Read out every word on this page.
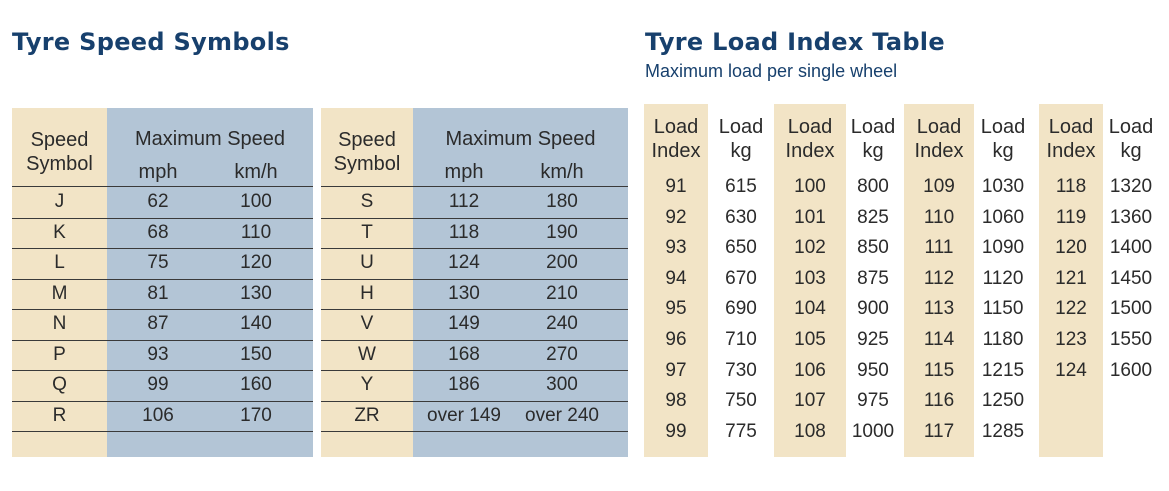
Tyre Speed Symbols	Tyre Load Index Table
Maximum load per single wheel
Speed
Symbol
Maximum Speed
mph	km/h
J	62	100
K	68	110
L	75	120
M	81	130
N	87	140
P	93	150
Q	99	160
R	106	170
Speed
Symbol
Maximum Speed
mph	km/h
S	112	180
T	118	190
U	124	200
H	130	210
V	149	240
W	168	270
Y	186	300
ZR	over 149	over 240
Load
Index
Load
kg
91	615
92	630
93	650
94	670
95	690
96	710
97	730
98	750
99	775
Load
Index
Load
kg
100	800
101	825
102	850
103	875
104	900
105	925
106	950
107	975
108	1000
Load
Index
Load
kg
109	1030
110	1060
111	1090
112	1120
113	1150
114	1180
115	1215
116	1250
117	1285
Load
Index
Load
kg
118	1320
119	1360
120	1400
121	1450
122	1500
123	1550
124	1600
